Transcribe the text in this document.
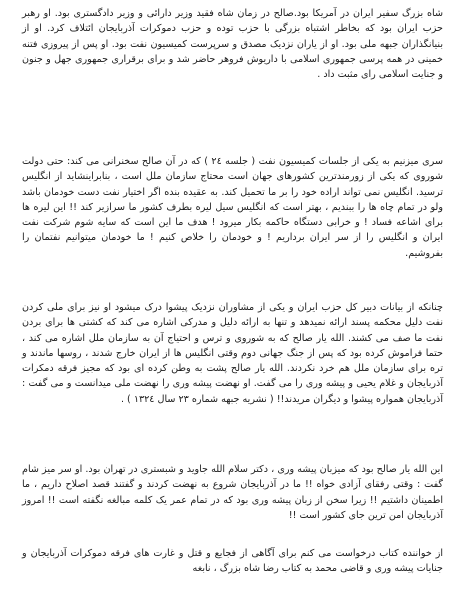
شاه بزرگ سفیر ایران در آمریکا بود.صالح در زمان شاه فقید وزیر دارائی و وزیر دادگستری بود. او رهبر حزب ایران بود که بخاطر اشتباه بزرگی با حزب توده و حزب دموکرات آذربایجان ائتلاف کرد. او از بنیانگذاران جبهه ملی بود. او از یاران نزدیک مصدق و سرپرست کمیسیون نفت بود. او پس از پیروزی فتنه خمینی در همه پرسی جمهوری اسلامی با داریوش فروهر حاضر شد و برای برقراری جمهوری جهل و جنون و جنایت اسلامی رای مثبت داد .

سری میزنیم به یکی از جلسات کمیسیون نفت ( جلسه ۲٤ ) که در آن صالح سخنرانی می کند: حتی دولت شوروی که یکی از زورمندترین کشورهای جهان است محتاج سازمان ملل است ، بنابراینشاید از انگلیس ترسید. انگلیس نمی تواند اراده خود را بر ما تحمیل کند. به عقیده بنده اگر اختیار نفت دست خودمان باشد ولو در تمام چاه ها را ببندیم ، بهتر است که انگلیس سیل لیره بطرف کشور ما سرازیر کند !! این لیره ها برای اشاعه فساد ! و خرابی دستگاه حاکمه بکار میرود ! هدف ما این است که سایه شوم شرکت نفت ایران و انگلیس را از سر ایران برداریم ! و خودمان را خلاص کنیم ! ما خودمان میتوانیم نفتمان را بفروشیم.

چنانکه از بیانات دبیر کل حزب ایران و یکی از مشاوران نزدیک پیشوا درک میشود او نیز برای ملی کردن نفت دلیل محکمه پسند ارائه نمیدهد و تنها به ارائه دلیل و مدرکی اشاره می کند که کشتی ها برای بردن نفت ما صف می کشند. الله یار صالح که به شوروی و ترس و احتیاج آن به سازمان ملل اشاره می کند ، حتما فراموش کرده بود که پس از جنگ جهانی دوم وقتی انگلیس ها از ایران خارج شدند ، روسها ماندند و تره برای سازمان ملل هم خرد نکردند. الله یار صالح پشت به وطن کرده ای بود که مجیز فرقه دمکرات آذربایجان و غلام یحیی و پیشه وری را می گفت. او نهضت پیشه وری را نهضت ملی میدانست و می گفت : آذربایجان همواره پیشوا و دیگران مریدند!! ( نشریه جبهه شماره ۲۳ سال ۱۳۲٤ ) .

این الله یار صالح بود که میزبان پیشه وری ، دکتر سلام الله جاوید و شبستری در تهران بود. او سر میز شام گفت : وقتی رفقای آزادی خواه !! ما در آذربایجان شروع به نهضت کردند و گفتند قصد اصلاح داریم ، ما اطمینان داشتیم !! زیرا سخن از زبان پیشه وری بود که در تمام عمر یک کلمه مبالغه نگفته است !! امروز آذربایجان امن ترین جای کشور است !!

از خواننده کتاب درخواست می کنم برای آگاهی از فجایع و قتل و غارت های فرقه دموکرات آذربایجان و جنایات پیشه وری و قاضی محمد به کتاب رضا شاه بزرگ ، نابغه
